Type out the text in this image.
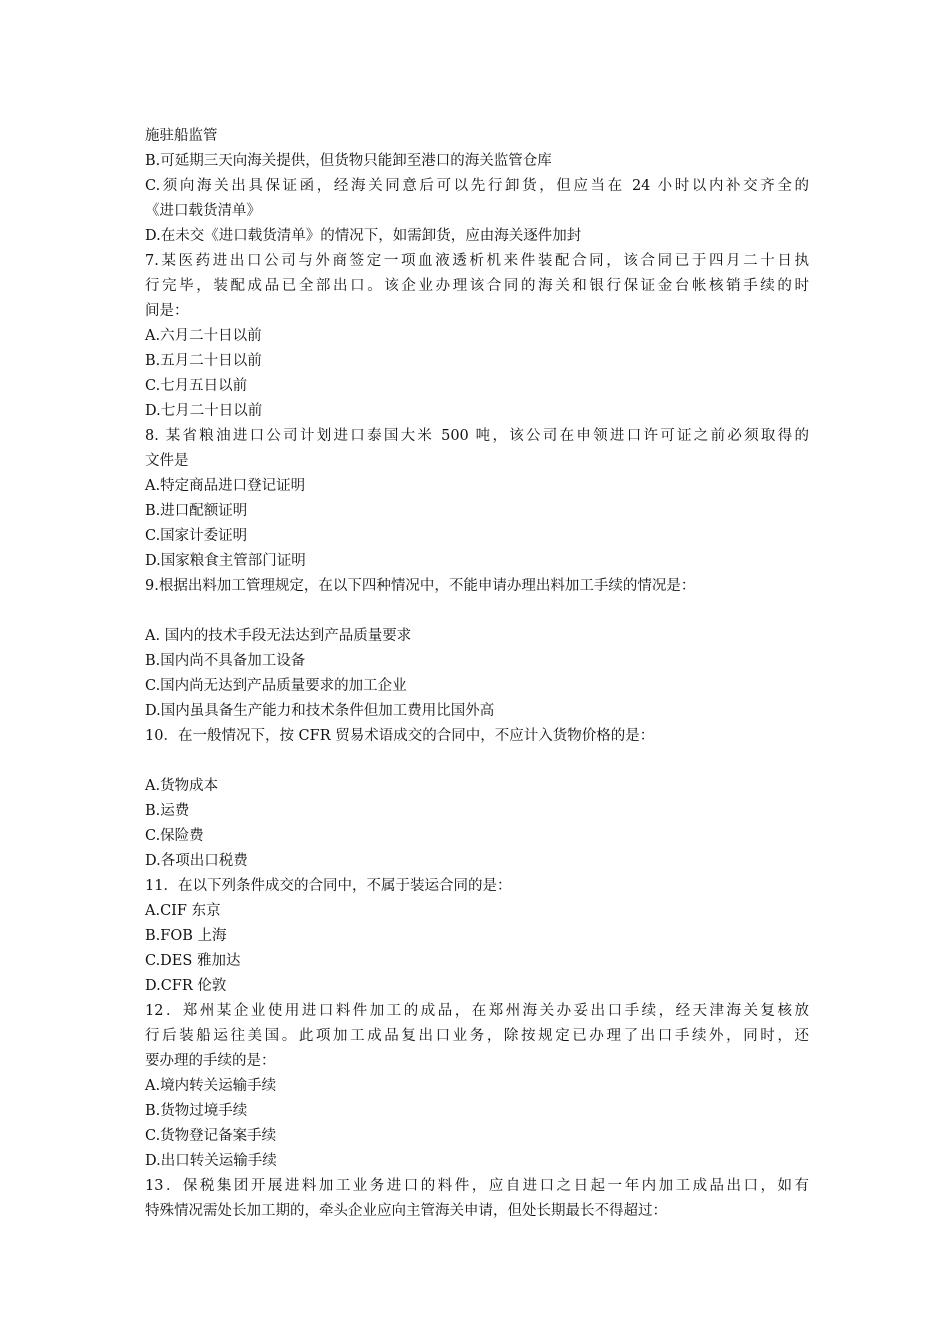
施驻船监管
B.可延期三天向海关提供，但货物只能卸至港口的海关监管仓库
C.须向海关出具保证函，经海关同意后可以先行卸货，但应当在 24 小时以内补交齐全的
《进口载货清单》
D.在未交《进口载货清单》的情况下，如需卸货，应由海关逐件加封
7.某医药进出口公司与外商签定一项血液透析机来件装配合同，该合同已于四月二十日执
行完毕，装配成品已全部出口。该企业办理该合同的海关和银行保证金台帐核销手续的时
间是：
A.六月二十日以前
B.五月二十日以前
C.七月五日以前
D.七月二十日以前
8. 某省粮油进口公司计划进口泰国大米 500 吨，该公司在申领进口许可证之前必须取得的
文件是
A.特定商品进口登记证明
B.进口配额证明
C.国家计委证明
D.国家粮食主管部门证明
9.根据出料加工管理规定，在以下四种情况中，不能申请办理出料加工手续的情况是：
A. 国内的技术手段无法达到产品质量要求
B.国内尚不具备加工设备
C.国内尚无达到产品质量要求的加工企业
D.国内虽具备生产能力和技术条件但加工费用比国外高
10．在一般情况下，按 CFR 贸易术语成交的合同中，不应计入货物价格的是：
A.货物成本
B.运费
C.保险费
D.各项出口税费
11．在以下列条件成交的合同中，不属于装运合同的是：
A.CIF 东京
B.FOB 上海
C.DES 雅加达
D.CFR 伦敦
12．郑州某企业使用进口料件加工的成品，在郑州海关办妥出口手续，经天津海关复核放
行后装船运往美国。此项加工成品复出口业务，除按规定已办理了出口手续外，同时，还
要办理的手续的是：
A.境内转关运输手续
B.货物过境手续
C.货物登记备案手续
D.出口转关运输手续
13．保税集团开展进料加工业务进口的料件，应自进口之日起一年内加工成品出口，如有
特殊情况需处长加工期的，牵头企业应向主管海关申请，但处长期最长不得超过：
